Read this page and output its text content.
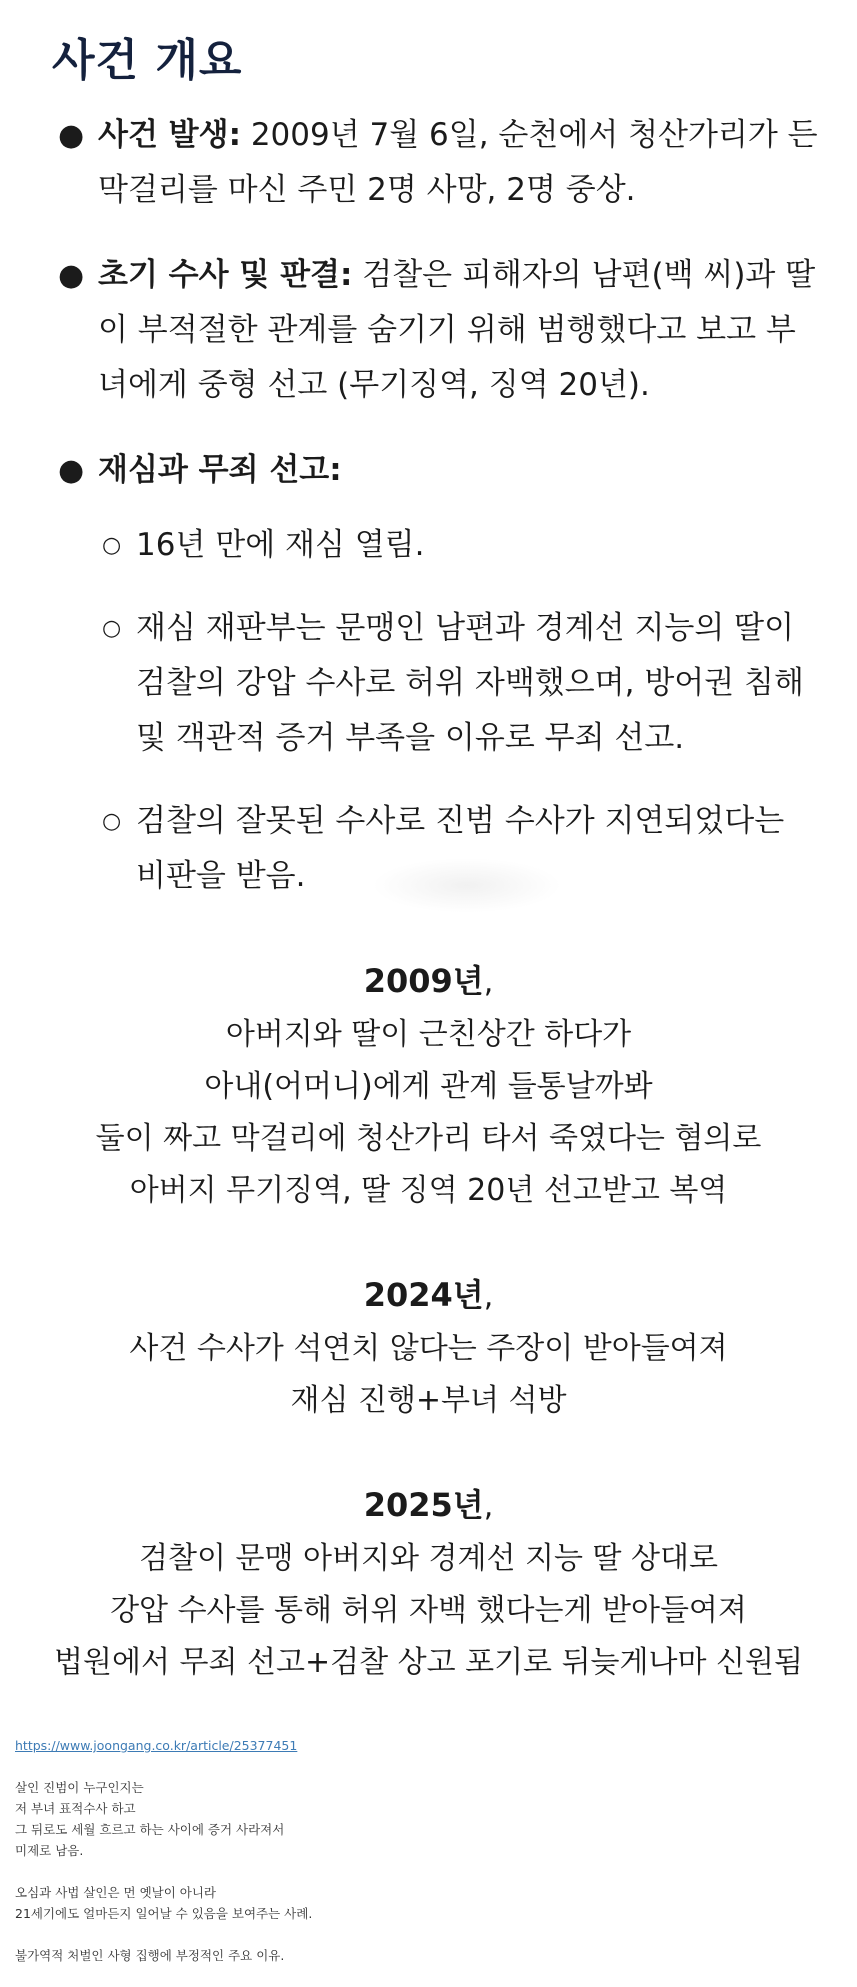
사건 개요
● 사건 발생: 2009년 7월 6일, 순천에서 청산가리가 든 막걸리를 마신 주민 2명 사망, 2명 중상.
● 초기 수사 및 판결: 검찰은 피해자의 남편(백 씨)과 딸이 부적절한 관계를 숨기기 위해 범행했다고 보고 부녀에게 중형 선고 (무기징역, 징역 20년).
● 재심과 무죄 선고:
○ 16년 만에 재심 열림.
○ 재심 재판부는 문맹인 남편과 경계선 지능의 딸이 검찰의 강압 수사로 허위 자백했으며, 방어권 침해 및 객관적 증거 부족을 이유로 무죄 선고.
○ 검찰의 잘못된 수사로 진범 수사가 지연되었다는 비판을 받음.
2009년,
아버지와 딸이 근친상간 하다가
아내(어머니)에게 관계 들통날까봐
둘이 짜고 막걸리에 청산가리 타서 죽였다는 혐의로
아버지 무기징역, 딸 징역 20년 선고받고 복역
2024년,
사건 수사가 석연치 않다는 주장이 받아들여져
재심 진행+부녀 석방
2025년,
검찰이 문맹 아버지와 경계선 지능 딸 상대로
강압 수사를 통해 허위 자백 했다는게 받아들여져
법원에서 무죄 선고+검찰 상고 포기로 뒤늦게나마 신원됨
https://www.joongang.co.kr/article/25377451
살인 진범이 누구인지는
저 부녀 표적수사 하고
그 뒤로도 세월 흐르고 하는 사이에 증거 사라져서
미제로 남음.
오심과 사법 살인은 먼 옛날이 아니라
21세기에도 얼마든지 일어날 수 있음을 보여주는 사례.
불가역적 처벌인 사형 집행에 부정적인 주요 이유.
